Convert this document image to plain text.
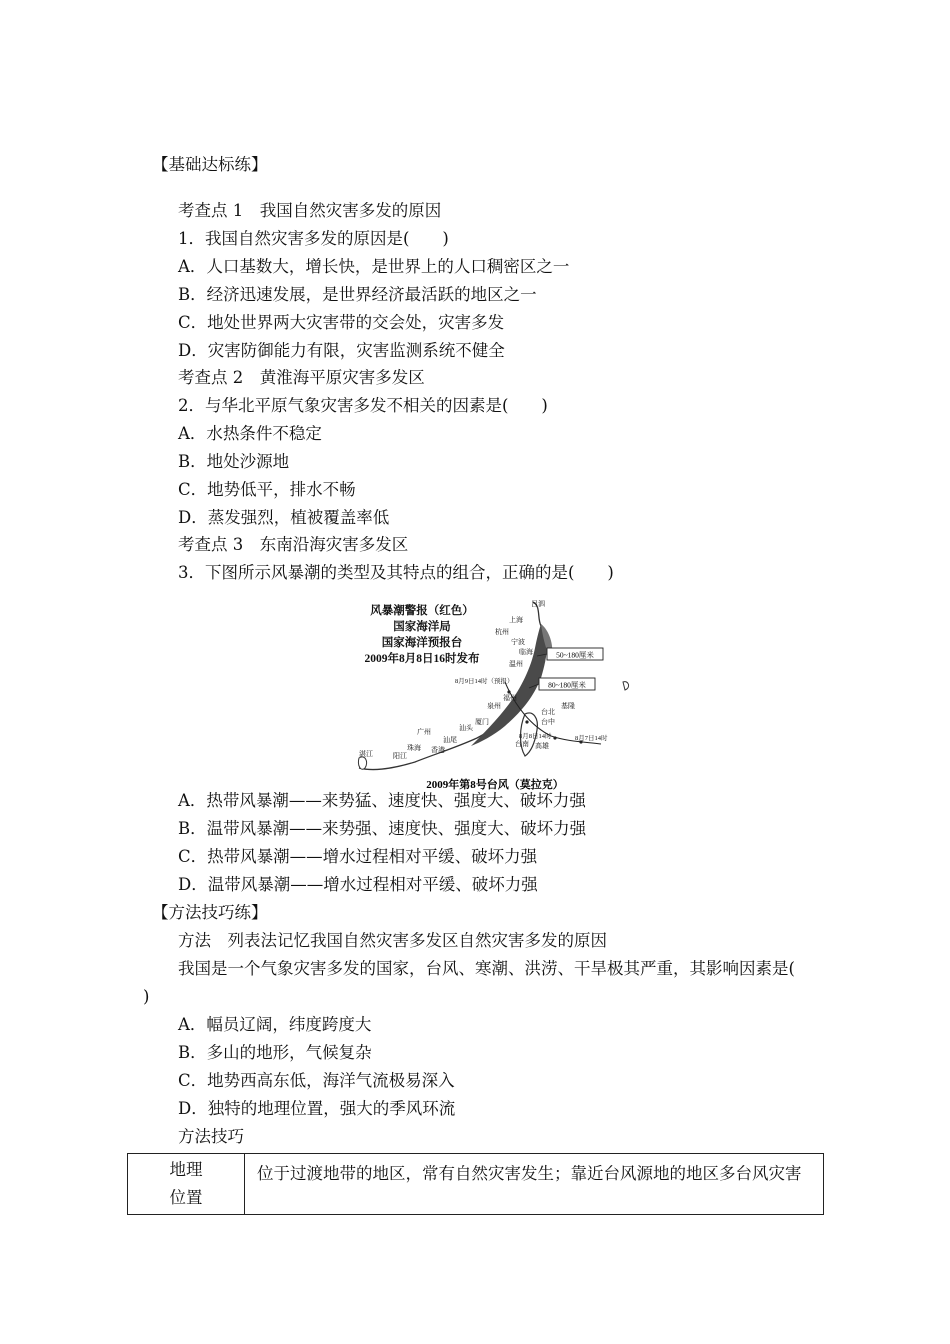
【基础达标练】
考查点 1　我国自然灾害多发的原因
1．我国自然灾害多发的原因是(　　)
A．人口基数大，增长快，是世界上的人口稠密区之一
B．经济迅速发展，是世界经济最活跃的地区之一
C．地处世界两大灾害带的交会处，灾害多发
D．灾害防御能力有限，灾害监测系统不健全
考查点 2　黄淮海平原灾害多发区
2．与华北平原气象灾害多发不相关的因素是(　　)
A．水热条件不稳定
B．地处沙源地
C．地势低平，排水不畅
D．蒸发强烈，植被覆盖率低
考查点 3　东南沿海灾害多发区
3．下图所示风暴潮的类型及其特点的组合，正确的是(　　)
风暴潮警报（红色）
国家海洋局
国家海洋预报台
2009年8月8日16时发布	50~180厘米
80~180厘米
吕泗
上海
杭州
宁波
临海
温州
福州
泉州
厦门
汕头
汕尾
广州
珠海
阳江
湛江	香港
台北
基隆
台中
台南 高雄
8月9日14时（预报）
8月8日14时	8月7日14时
2009年第8号台风（莫拉克）
A．热带风暴潮——来势猛、速度快、强度大、破坏力强
B．温带风暴潮——来势强、速度快、强度大、破坏力强
C．热带风暴潮——增水过程相对平缓、破坏力强
D．温带风暴潮——增水过程相对平缓、破坏力强
【方法技巧练】
方法　列表法记忆我国自然灾害多发区自然灾害多发的原因
我国是一个气象灾害多发的国家，台风、寒潮、洪涝、干旱极其严重，其影响因素是(
)
A．幅员辽阔，纬度跨度大
B．多山的地形，气候复杂
C．地势西高东低，海洋气流极易深入
D．独特的地理位置，强大的季风环流
方法技巧
地理
位置
	位于过渡地带的地区，常有自然灾害发生；靠近台风源地的地区多台风灾害
